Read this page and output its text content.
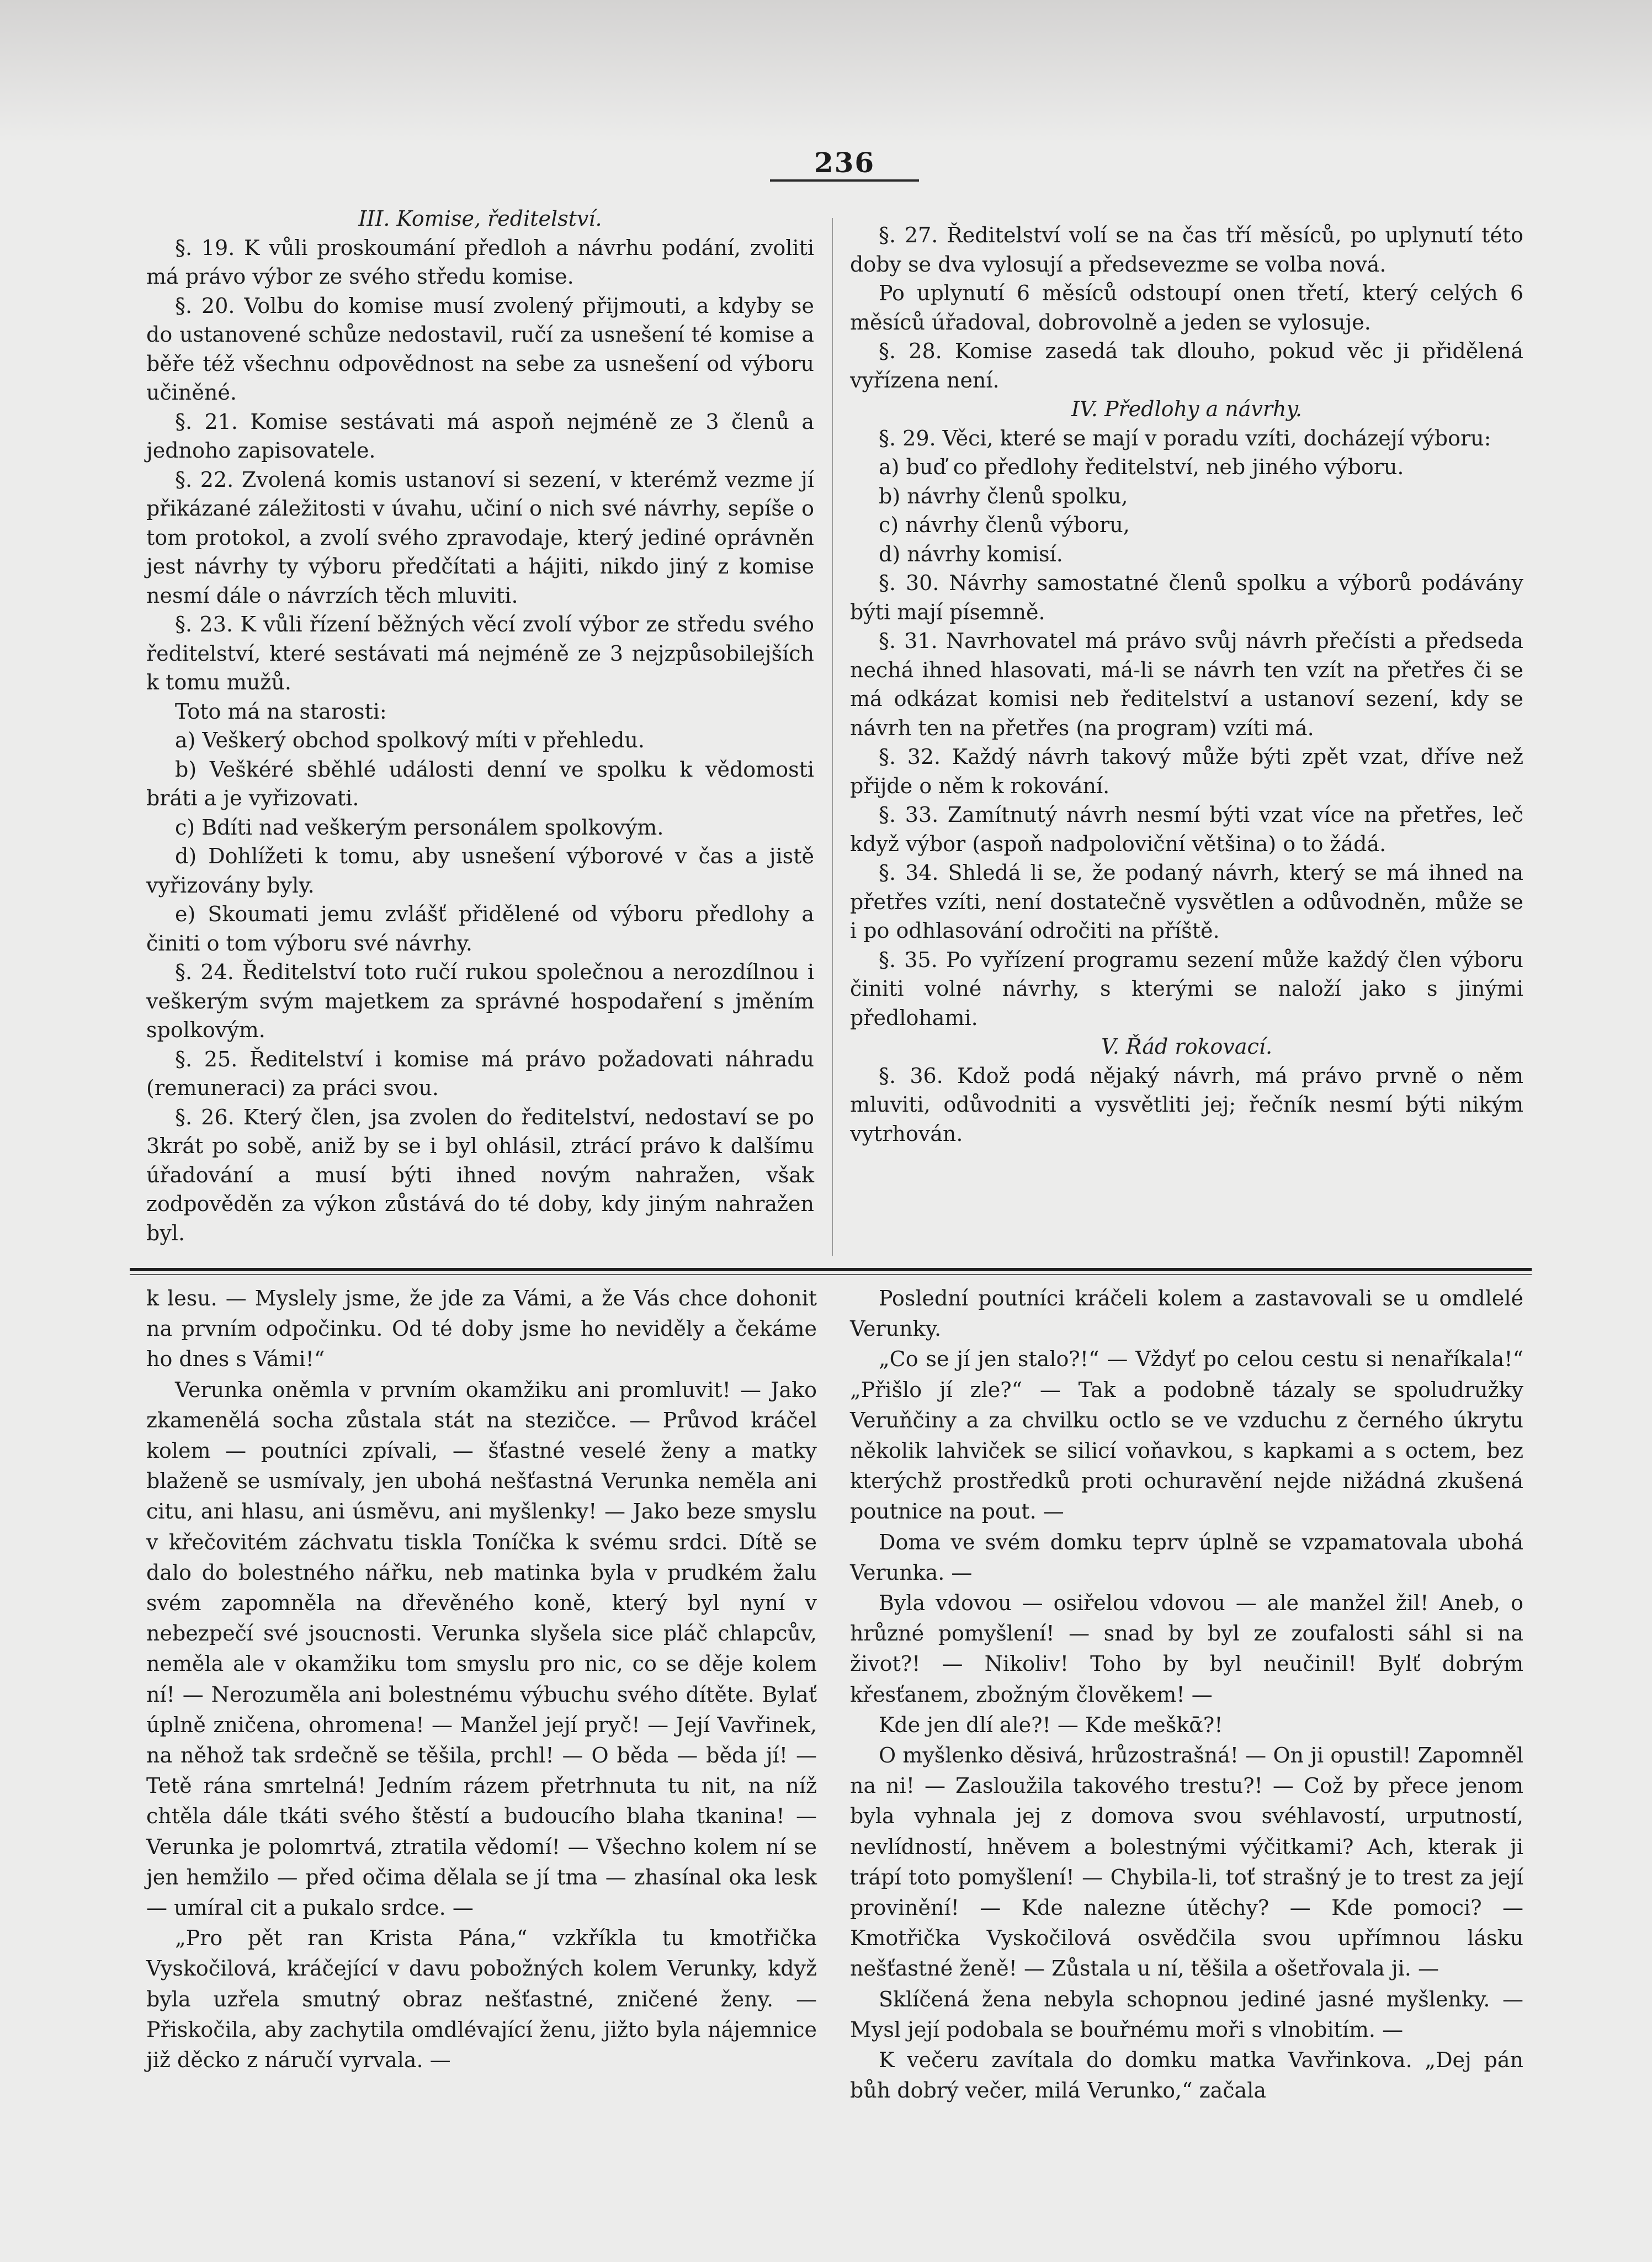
236

III. Komise, ředitelství.

§. 19. K vůli proskoumání předloh a návrhu podání, zvoliti má právo výbor ze svého středu komise.

§. 20. Volbu do komise musí zvolený přijmouti, a kdyby se do ustanovené schůze nedostavil, ručí za usnešení té komise a běře též všechnu odpovědnost na sebe za usnešení od výboru učiněné.

§. 21. Komise sestávati má aspoň nejméně ze 3 členů a jednoho zapisovatele.

§. 22. Zvolená komis ustanoví si sezení, v kterémž vezme jí přikázané záležitosti v úvahu, učiní o nich své návrhy, sepíše o tom protokol, a zvolí svého zpravodaje, který jediné oprávněn jest návrhy ty výboru předčítati a hájiti, nikdo jiný z komise nesmí dále o návrzích těch mluviti.

§. 23. K vůli řízení běžných věcí zvolí výbor ze středu svého ředitelství, které sestávati má nejméně ze 3 nejzpůsobilejších k tomu mužů.

Toto má na starosti:

a) Veškerý obchod spolkový míti v přehledu.

b) Veškéré sběhlé události denní ve spolku k vědomosti bráti a je vyřizovati.

c) Bdíti nad veškerým personálem spolkovým.

d) Dohlížeti k tomu, aby usnešení výborové v čas a jistě vyřizovány byly.

e) Skoumati jemu zvlášť přidělené od výboru předlohy a činiti o tom výboru své návrhy.

§. 24. Ředitelství toto ručí rukou společnou a nerozdílnou i veškerým svým majetkem za správné hospodaření s jměním spolkovým.

§. 25. Ředitelství i komise má právo požadovati náhradu (remuneraci) za práci svou.

§. 26. Který člen, jsa zvolen do ředitelství, nedostaví se po 3krát po sobě, aniž by se i byl ohlásil, ztrácí právo k dalšímu úřadování a musí býti ihned novým nahražen, však zodpověděn za výkon zůstává do té doby, kdy jiným nahražen byl.

§. 27. Ředitelství volí se na čas tří měsíců, po uplynutí této doby se dva vylosují a předsevezme se volba nová.

Po uplynutí 6 měsíců odstoupí onen třetí, který celých 6 měsíců úřadoval, dobrovolně a jeden se vylosuje.

§. 28. Komise zasedá tak dlouho, pokud věc ji přidělená vyřízena není.

IV. Předlohy a návrhy.

§. 29. Věci, které se mají v poradu vzíti, docházejí výboru:

a) buď co předlohy ředitelství, neb jiného výboru.

b) návrhy členů spolku,

c) návrhy členů výboru,

d) návrhy komisí.

§. 30. Návrhy samostatné členů spolku a výborů podávány býti mají písemně.

§. 31. Navrhovatel má právo svůj návrh přečísti a předseda nechá ihned hlasovati, má-li se návrh ten vzít na přetřes či se má odkázat komisi neb ředitelství a ustanoví sezení, kdy se návrh ten na přetřes (na program) vzíti má.

§. 32. Každý návrh takový může býti zpět vzat, dříve než přijde o něm k rokování.

§. 33. Zamítnutý návrh nesmí býti vzat více na přetřes, leč když výbor (aspoň nadpoloviční většina) o to žádá.

§. 34. Shledá li se, že podaný návrh, který se má ihned na přetřes vzíti, není dostatečně vysvětlen a odůvodněn, může se i po odhlasování odročiti na příště.

§. 35. Po vyřízení programu sezení může každý člen výboru činiti volné návrhy, s kterými se naloží jako s jinými předlohami.

V. Řád rokovací.

§. 36. Kdož podá nějaký návrh, má právo prvně o něm mluviti, odůvodniti a vysvětliti jej; řečník nesmí býti nikým vytrhován.

k lesu. — Myslely jsme, že jde za Vámi, a že Vás chce dohonit na prvním odpočinku. Od té doby jsme ho neviděly a čekáme ho dnes s Vámi!“

Verunka oněmla v prvním okamžiku ani promluvit! — Jako zkamenělá socha zůstala stát na stezičce. — Průvod kráčel kolem — poutníci zpívali, — šťastné veselé ženy a matky blaženě se usmívaly, jen ubohá nešťastná Verunka neměla ani citu, ani hlasu, ani úsměvu, ani myšlenky! — Jako beze smyslu v křečovitém záchvatu tiskla Toníčka k svému srdci. Dítě se dalo do bolestného nářku, neb matinka byla v prudkém žalu svém zapomněla na dřevěného koně, který byl nyní v nebezpečí své jsoucnosti. Verunka slyšela sice pláč chlapcův, neměla ale v okamžiku tom smyslu pro nic, co se děje kolem ní! — Nerozuměla ani bolestnému výbuchu svého dítěte. Bylať úplně zničena, ohromena! — Manžel její pryč! — Její Vavřinek, na něhož tak srdečně se těšila, prchl! — O běda — běda jí! — Tetě rána smrtelná! Jedním rázem přetrhnuta tu nit, na níž chtěla dále tkáti svého štěstí a budoucího blaha tkanina! — Verunka je polomrtvá, ztratila vědomí! — Všechno kolem ní se jen hemžilo — před očima dělala se jí tma — zhasínal oka lesk — umíral cit a pukalo srdce. —

„Pro pět ran Krista Pána,“ vzkříkla tu kmotřička Vyskočilová, kráčející v davu pobožných kolem Verunky, když byla uzřela smutný obraz nešťastné, zničené ženy. — Přiskočila, aby zachytila omdlévající ženu, jižto byla nájemnice již děcko z náručí vyrvala. —

Poslední poutníci kráčeli kolem a zastavovali se u omdlelé Verunky.

„Co se jí jen stalo?!“ — Vždyť po celou cestu si nenaříkala!“ „Přišlo jí zle?“ — Tak a podobně tázaly se spoludružky Veruňčiny a za chvilku octlo se ve vzduchu z černého úkrytu několik lahviček se silicí voňavkou, s kapkami a s octem, bez kterýchž prostředků proti ochuravění nejde nižádná zkušená poutnice na pout. —

Doma ve svém domku teprv úplně se vzpamatovala ubohá Verunka. —

Byla vdovou — osiřelou vdovou — ale manžel žil! Aneb, o hrůzné pomyšlení! — snad by byl ze zoufalosti sáhl si na život?! — Nikoliv! Toho by byl neučinil! Bylť dobrým křesťanem, zbožným člověkem! —

Kde jen dlí ale?! — Kde meškᾱ?!

O myšlenko děsivá, hrůzostrašná! — On ji opustil! Zapomněl na ni! — Zasloužila takového trestu?! — Což by přece jenom byla vyhnala jej z domova svou svéhlavostí, urputností, nevlídností, hněvem a bolestnými výčitkami? Ach, kterak ji trápí toto pomyšlení! — Chybila-li, toť strašný je to trest za její provinění! — Kde nalezne útěchy? — Kde pomoci? — Kmotřička Vyskočilová osvědčila svou upřímnou lásku nešťastné ženě! — Zůstala u ní, těšila a ošetřovala ji. —

Sklíčená žena nebyla schopnou jediné jasné myšlenky. — Mysl její podobala se bouřnému moři s vlnobitím. —

K večeru zavítala do domku matka Vavřinkova. „Dej pán bůh dobrý večer, milá Verunko,“ začala
